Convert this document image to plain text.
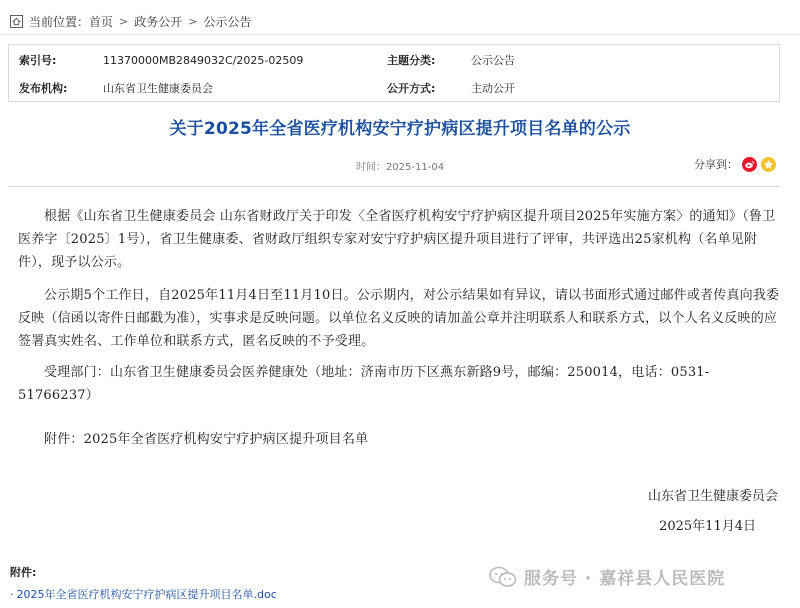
当前位置： 首页 > 政务公开 > 公示公告
索引号:	11370000MB2849032C/2025-02509	主题分类:	公示公告
发布机构:	山东省卫生健康委员会	公开方式:	主动公开
关于2025年全省医疗机构安宁疗护病区提升项目名单的公示
时间：2025-11-04	分享到：
根据《山东省卫生健康委员会 山东省财政厅关于印发〈全省医疗机构安宁疗护病区提升项目2025年实施方案〉的通知》（鲁卫医养字〔2025〕1号），省卫生健康委、省财政厅组织专家对安宁疗护病区提升项目进行了评审，共评选出25家机构（名单见附件），现予以公示。
公示期5个工作日，自2025年11月4日至11月10日。公示期内，对公示结果如有异议，请以书面形式通过邮件或者传真向我委反映（信函以寄件日邮戳为准），实事求是反映问题。以单位名义反映的请加盖公章并注明联系人和联系方式，以个人名义反映的应签署真实姓名、工作单位和联系方式，匿名反映的不予受理。
受理部门：山东省卫生健康委员会医养健康处（地址：济南市历下区燕东新路9号，邮编：250014，电话：0531-51766237）
附件：2025年全省医疗机构安宁疗护病区提升项目名单
山东省卫生健康委员会
2025年11月4日
附件:
· 2025年全省医疗机构安宁疗护病区提升项目名单.doc
服务号 · 嘉祥县人民医院
